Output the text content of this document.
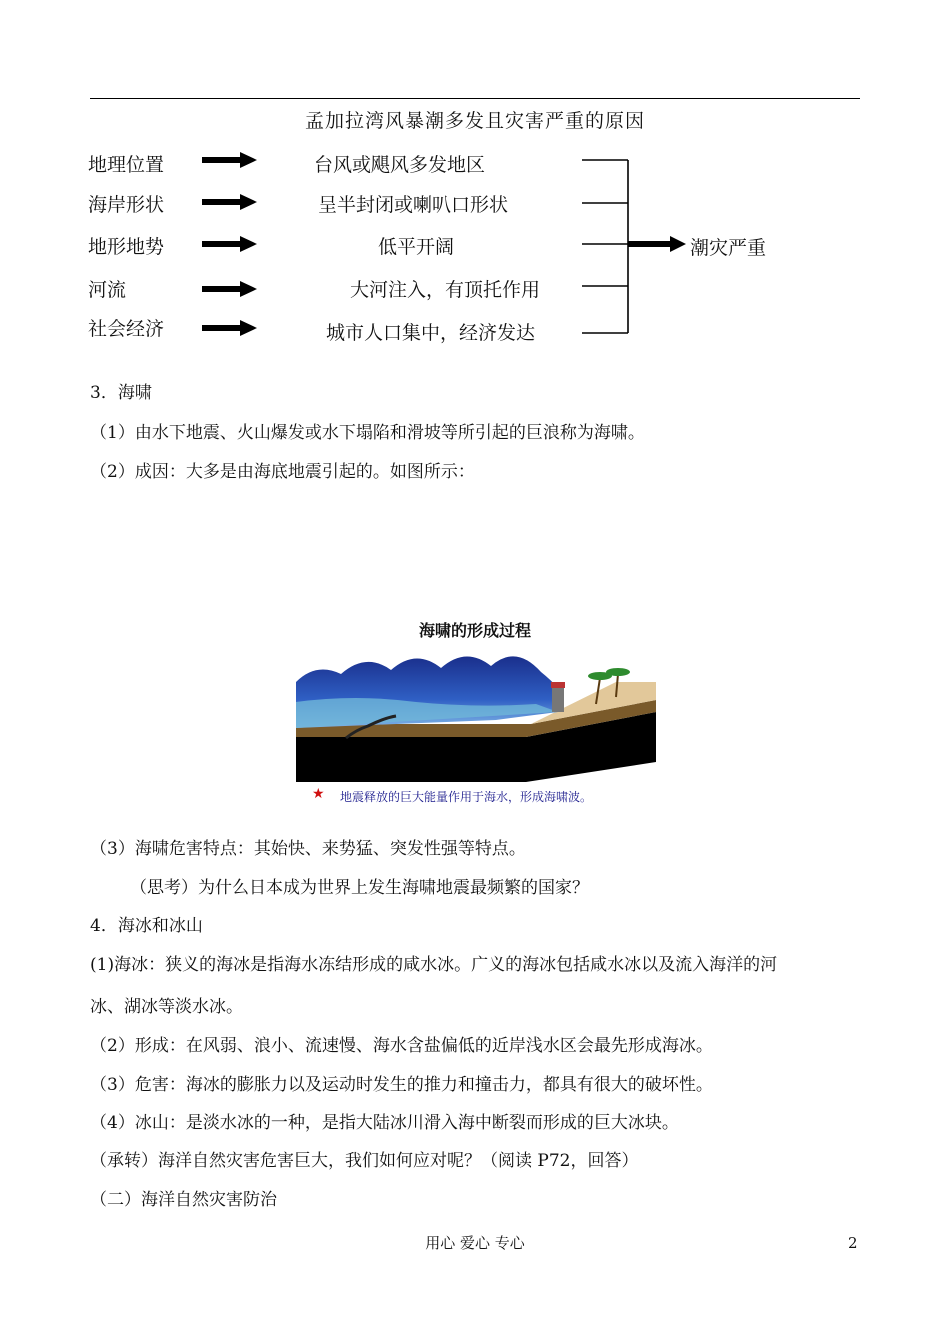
孟加拉湾风暴潮多发且灾害严重的原因
地理位置
海岸形状
地形地势
河流
社会经济
台风或飓风多发地区
呈半封闭或喇叭口形状
低平开阔
大河注入，有顶托作用
城市人口集中，经济发达
潮灾严重
3．海啸
（1）由水下地震、火山爆发或水下塌陷和滑坡等所引起的巨浪称为海啸。
（2）成因：大多是由海底地震引起的。如图所示：
海啸的形成过程
★ 地震释放的巨大能量作用于海水，形成海啸波。
（3）海啸危害特点：其始快、来势猛、突发性强等特点。
（思考）为什么日本成为世界上发生海啸地震最频繁的国家？
4．海冰和冰山
(1)海冰：狭义的海冰是指海水冻结形成的咸水冰。广义的海冰包括咸水冰以及流入海洋的河
冰、湖冰等淡水冰。
（2）形成：在风弱、浪小、流速慢、海水含盐偏低的近岸浅水区会最先形成海冰。
（3）危害：海冰的膨胀力以及运动时发生的推力和撞击力，都具有很大的破坏性。
（4）冰山：是淡水冰的一种，是指大陆冰川滑入海中断裂而形成的巨大冰块。
（承转）海洋自然灾害危害巨大，我们如何应对呢？（阅读 P72，回答）
（二）海洋自然灾害防治
用心 爱心 专心	2
